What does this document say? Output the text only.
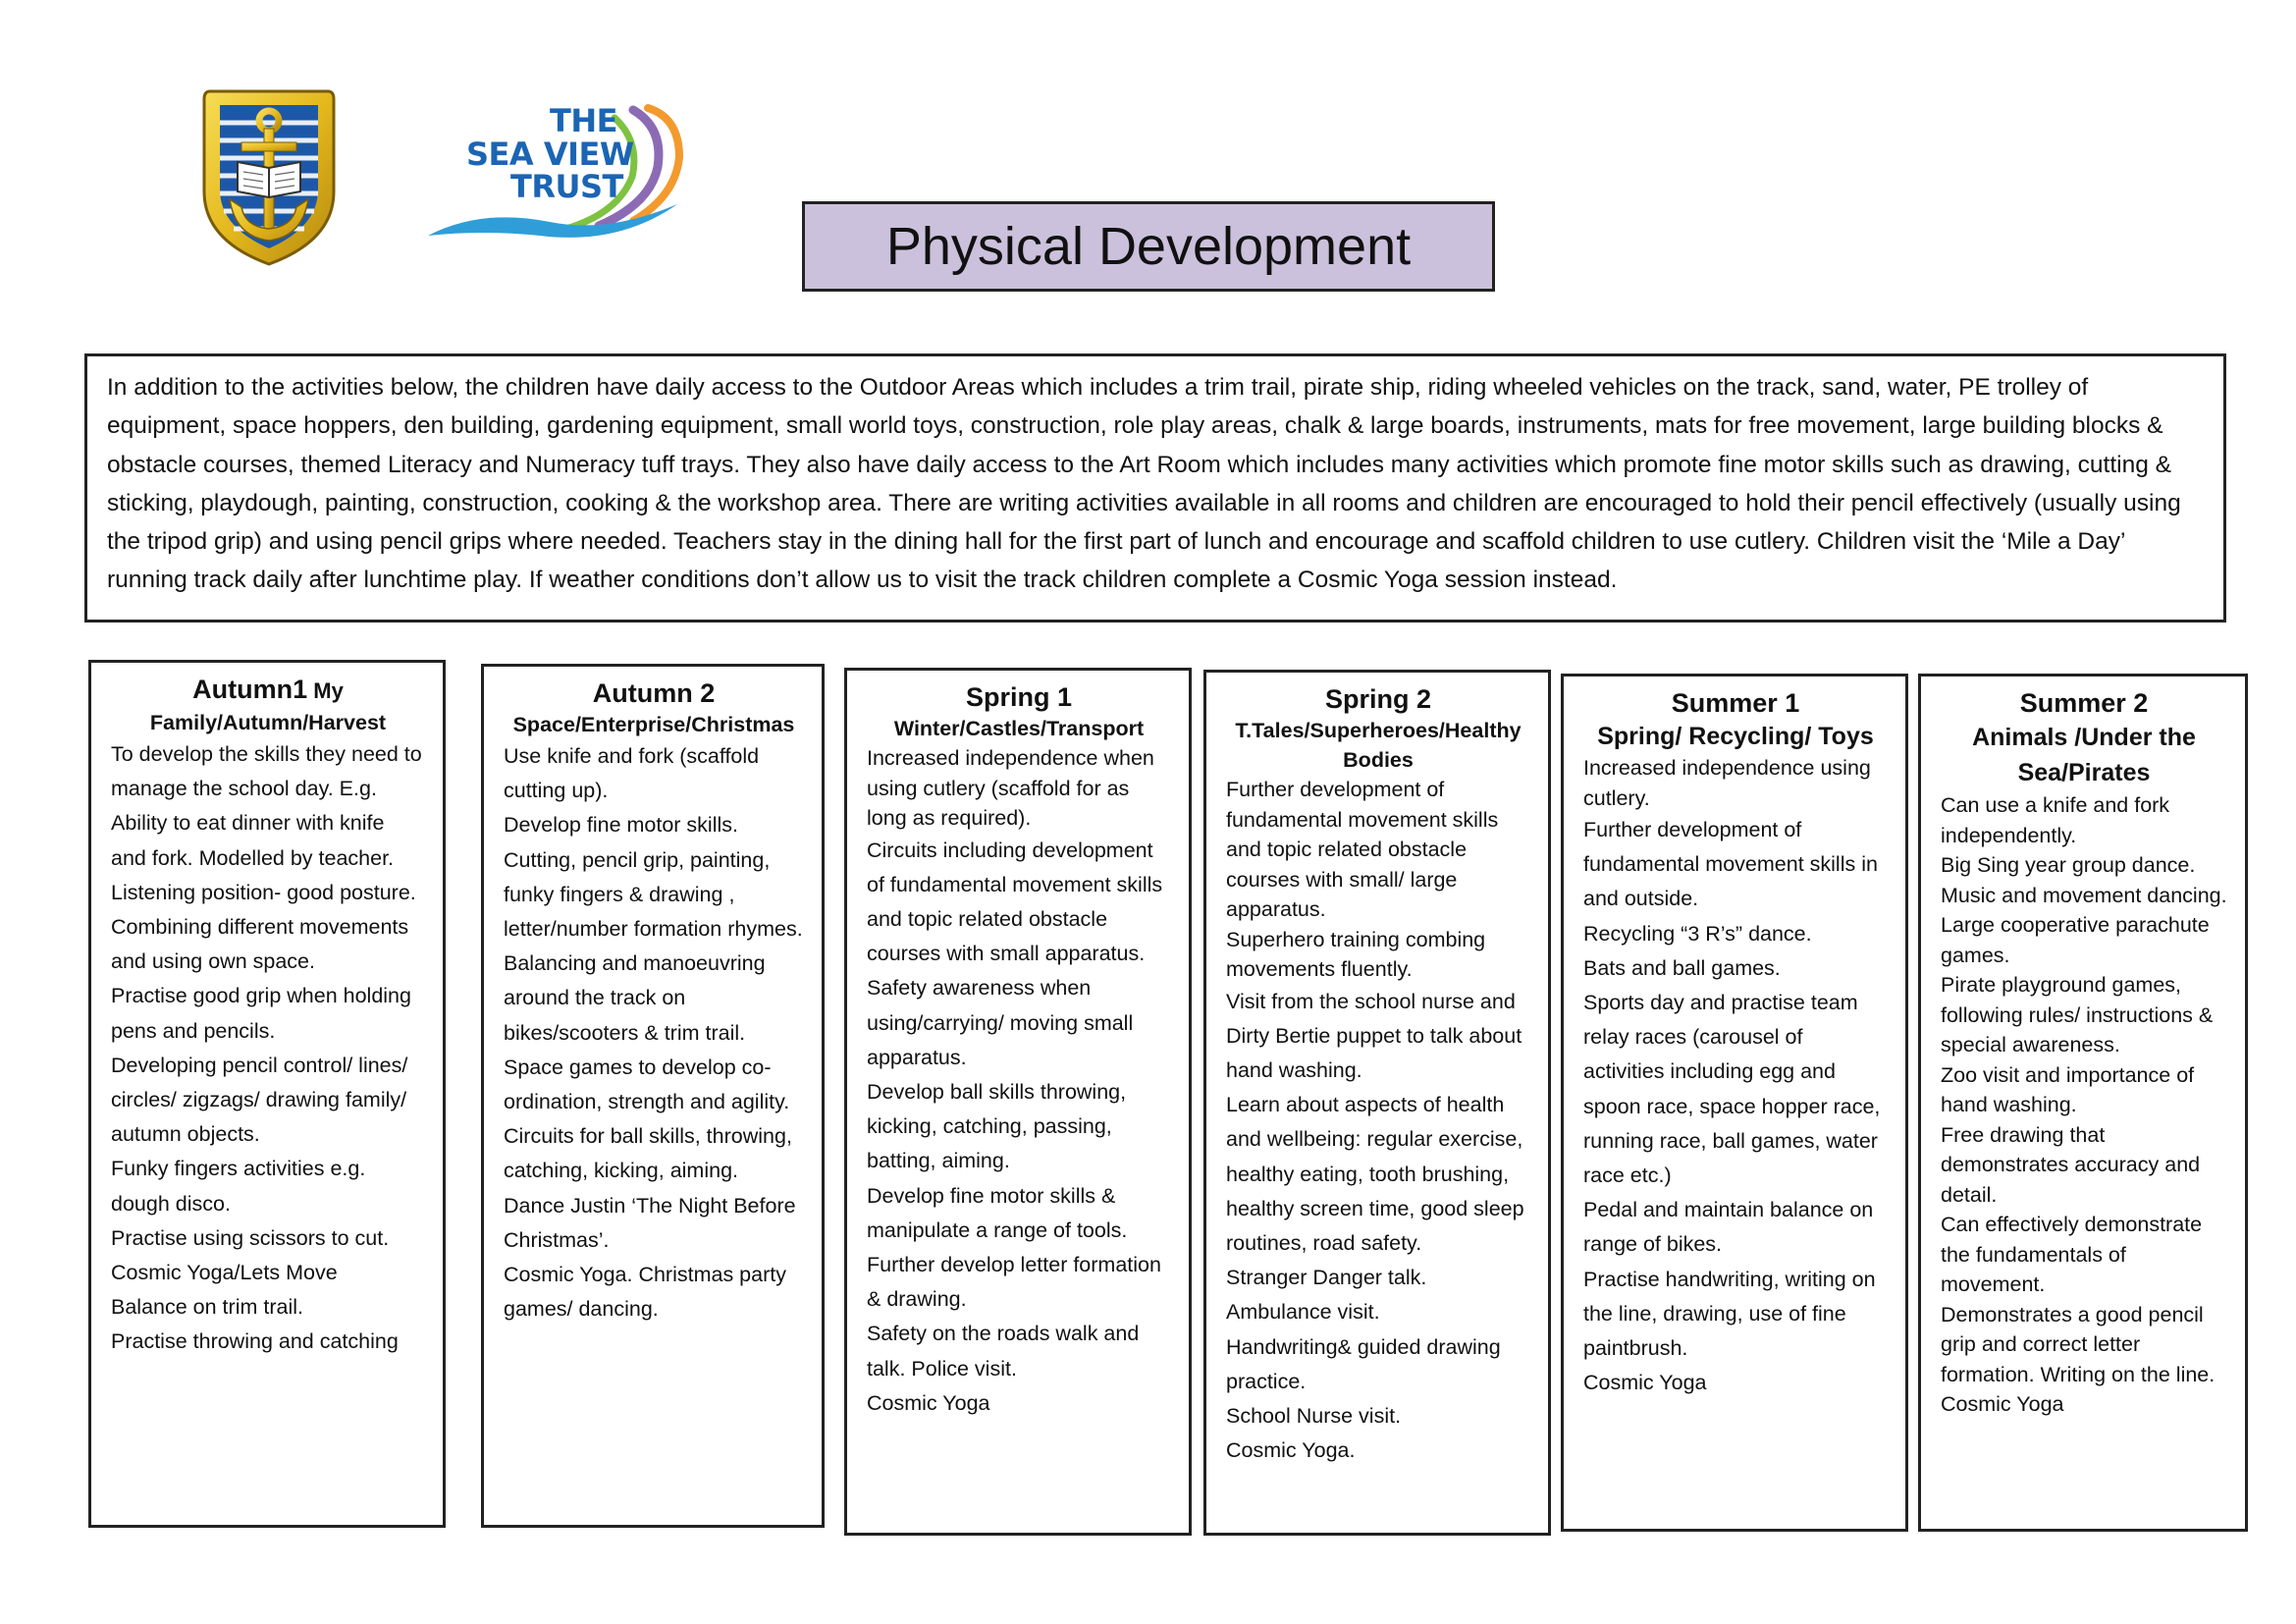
THE
SEA VIEW
TRUST
Physical Development
In addition to the activities below, the children have daily access to the Outdoor Areas which includes a trim trail, pirate ship, riding wheeled vehicles on the track, sand, water, PE trolley of equipment, space hoppers, den building, gardening equipment, small world toys, construction, role play areas, chalk & large boards, instruments, mats for free movement, large building blocks & obstacle courses, themed Literacy and Numeracy tuff trays. They also have daily access to the Art Room which includes many activities which promote fine motor skills such as drawing, cutting & sticking, playdough, painting, construction, cooking & the workshop area. There are writing activities available in all rooms and children are encouraged to hold their pencil effectively (usually using the tripod grip) and using pencil grips where needed. Teachers stay in the dining hall for the first part of lunch and encourage and scaffold children to use cutlery. Children visit the ‘Mile a Day’ running track daily after lunchtime play. If weather conditions don’t allow us to visit the track children complete a Cosmic Yoga session instead.
Autumn1 My
Family/Autumn/Harvest
To develop the skills they need to manage the school day. E.g. Ability to eat dinner with knife and fork. Modelled by teacher.
Listening position- good posture.
Combining different movements and using own space.
Practise good grip when holding pens and pencils.
Developing pencil control/ lines/ circles/ zigzags/ drawing family/ autumn objects.
Funky fingers activities e.g. dough disco.
Practise using scissors to cut.
Cosmic Yoga/Lets Move
Balance on trim trail.
Practise throwing and catching
Autumn 2
Space/Enterprise/Christmas
Use knife and fork (scaffold cutting up).
Develop fine motor skills.
Cutting, pencil grip, painting, funky fingers & drawing , letter/number formation rhymes.
Balancing and manoeuvring around the track on bikes/scooters & trim trail.
Space games to develop co-ordination, strength and agility.
Circuits for ball skills, throwing, catching, kicking, aiming.
Dance Justin ‘The Night Before Christmas’.
Cosmic Yoga. Christmas party games/ dancing.
Spring 1
Winter/Castles/Transport
Increased independence when using cutlery (scaffold for as long as required).
Circuits including development of fundamental movement skills and topic related obstacle courses with small apparatus.
Safety awareness when using/carrying/ moving small apparatus.
Develop ball skills throwing, kicking, catching, passing, batting, aiming.
Develop fine motor skills & manipulate a range of tools.
Further develop letter formation & drawing.
Safety on the roads walk and talk. Police visit.
Cosmic Yoga
Spring 2
T.Tales/Superheroes/Healthy Bodies
Further development of fundamental movement skills and topic related obstacle courses with small/ large apparatus.
Superhero training combing movements fluently.
Visit from the school nurse and Dirty Bertie puppet to talk about hand washing.
Learn about aspects of health and wellbeing: regular exercise, healthy eating, tooth brushing, healthy screen time, good sleep routines, road safety.
Stranger Danger talk.
Ambulance visit.
Handwriting& guided drawing practice.
School Nurse visit.
Cosmic Yoga.
Summer 1
Spring/ Recycling/ Toys
Increased independence using cutlery.
Further development of fundamental movement skills in and outside.
Recycling “3 R’s” dance.
Bats and ball games.
Sports day and practise team relay races (carousel of activities including egg and spoon race, space hopper race, running race, ball games, water race etc.)
Pedal and maintain balance on range of bikes.
Practise handwriting, writing on the line, drawing, use of fine paintbrush.
Cosmic Yoga
Summer 2
Animals /Under the Sea/Pirates
Can use a knife and fork independently.
Big Sing year group dance.
Music and movement dancing.
Large cooperative parachute games.
Pirate playground games, following rules/ instructions & special awareness.
Zoo visit and importance of hand washing.
Free drawing that demonstrates accuracy and detail.
Can effectively demonstrate the fundamentals of movement.
Demonstrates a good pencil grip and correct letter formation. Writing on the line. Cosmic Yoga
